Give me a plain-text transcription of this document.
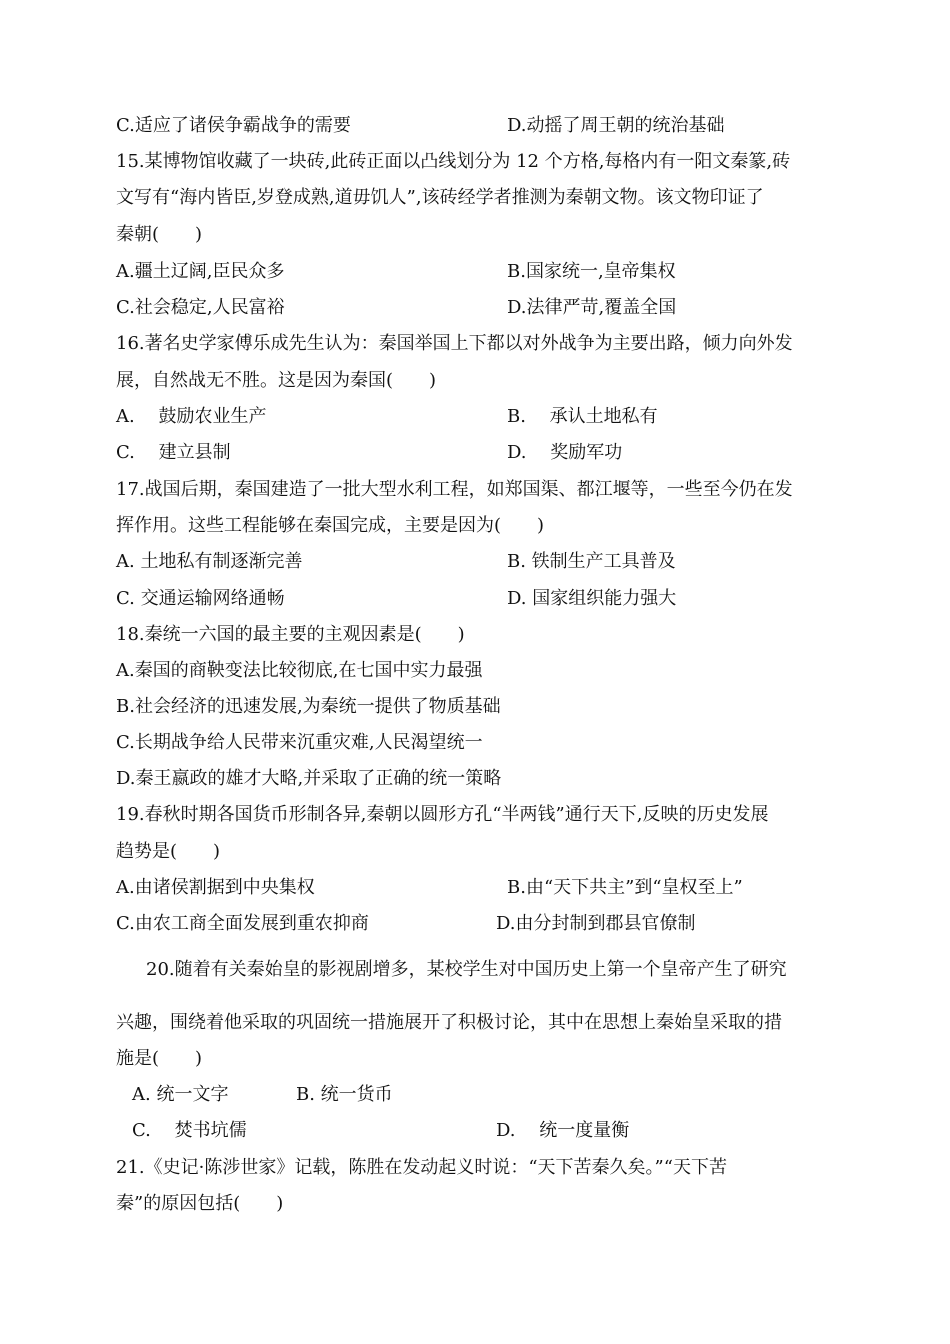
C.适应了诸侯争霸战争的需要	D.动摇了周王朝的统治基础
15.某博物馆收藏了一块砖,此砖正面以凸线划分为 12 个方格,每格内有一阳文秦篆,砖
文写有“海内皆臣,岁登成熟,道毋饥人”,该砖经学者推测为秦朝文物。该文物印证了
秦朝(　　)
A.疆土辽阔,臣民众多	B.国家统一,皇帝集权
C.社会稳定,人民富裕	D.法律严苛,覆盖全国
16.著名史学家傅乐成先生认为：秦国举国上下都以对外战争为主要出路，倾力向外发
展，自然战无不胜。这是因为秦国(　　)
A.　 鼓励农业生产	B.　 承认土地私有
C.　 建立县制	D.　 奖励军功
17.战国后期，秦国建造了一批大型水利工程，如郑国渠、都江堰等，一些至今仍在发
挥作用。这些工程能够在秦国完成，主要是因为(　　)
A. 土地私有制逐渐完善	B. 铁制生产工具普及
C. 交通运输网络通畅	D. 国家组织能力强大
18.秦统一六国的最主要的主观因素是(　　)
A.秦国的商鞅变法比较彻底,在七国中实力最强
B.社会经济的迅速发展,为秦统一提供了物质基础
C.长期战争给人民带来沉重灾难,人民渴望统一
D.秦王嬴政的雄才大略,并采取了正确的统一策略
19.春秋时期各国货币形制各异,秦朝以圆形方孔“半两钱”通行天下,反映的历史发展
趋势是(　　)
A.由诸侯割据到中央集权	B.由“天下共主”到“皇权至上”
C.由农工商全面发展到重农抑商	D.由分封制到郡县官僚制
20.随着有关秦始皇的影视剧增多，某校学生对中国历史上第一个皇帝产生了研究
兴趣，围绕着他采取的巩固统一措施展开了积极讨论，其中在思想上秦始皇采取的措
施是(　　)
A. 统一文字	B. 统一货币
C.　 焚书坑儒	D.　 统一度量衡
21.《史记·陈涉世家》记载，陈胜在发动起义时说：“天下苦秦久矣。”“天下苦
秦”的原因包括(　　)
